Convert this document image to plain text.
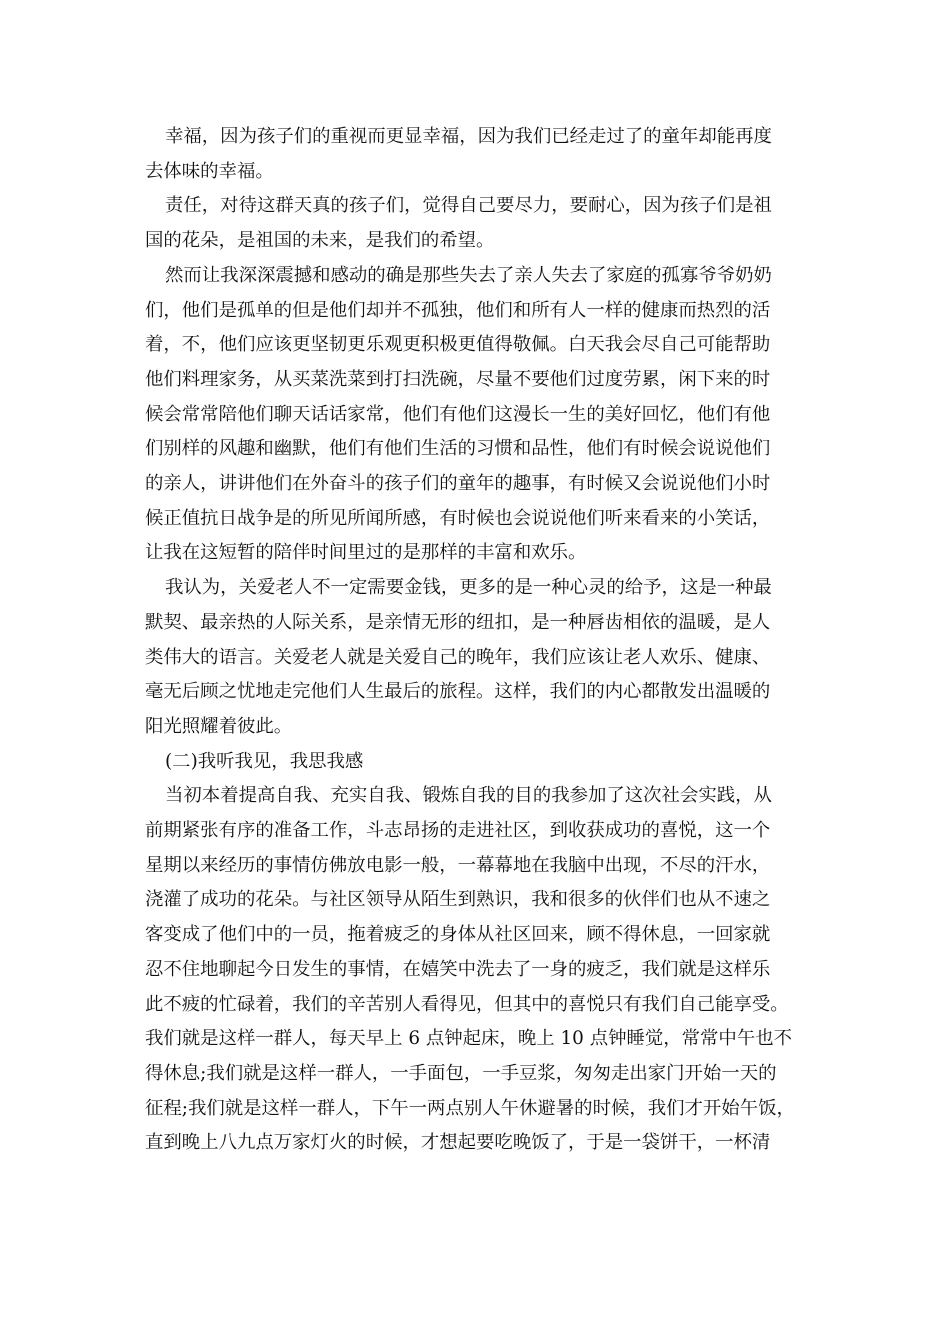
幸福，因为孩子们的重视而更显幸福，因为我们已经走过了的童年却能再度
去体味的幸福。
责任，对待这群天真的孩子们，觉得自己要尽力，要耐心，因为孩子们是祖
国的花朵，是祖国的未来，是我们的希望。
然而让我深深震撼和感动的确是那些失去了亲人失去了家庭的孤寡爷爷奶奶
们，他们是孤单的但是他们却并不孤独，他们和所有人一样的健康而热烈的活
着，不，他们应该更坚韧更乐观更积极更值得敬佩。白天我会尽自己可能帮助
他们料理家务，从买菜洗菜到打扫洗碗，尽量不要他们过度劳累，闲下来的时
候会常常陪他们聊天话话家常，他们有他们这漫长一生的美好回忆，他们有他
们别样的风趣和幽默，他们有他们生活的习惯和品性，他们有时候会说说他们
的亲人，讲讲他们在外奋斗的孩子们的童年的趣事，有时候又会说说他们小时
候正值抗日战争是的所见所闻所感，有时候也会说说他们听来看来的小笑话，
让我在这短暂的陪伴时间里过的是那样的丰富和欢乐。
我认为，关爱老人不一定需要金钱，更多的是一种心灵的给予，这是一种最
默契、最亲热的人际关系，是亲情无形的纽扣，是一种唇齿相依的温暖，是人
类伟大的语言。关爱老人就是关爱自己的晚年，我们应该让老人欢乐、健康、
毫无后顾之忧地走完他们人生最后的旅程。这样，我们的内心都散发出温暖的
阳光照耀着彼此。
(二)我听我见，我思我感
当初本着提高自我、充实自我、锻炼自我的目的我参加了这次社会实践，从
前期紧张有序的准备工作，斗志昂扬的走进社区，到收获成功的喜悦，这一个
星期以来经历的事情仿佛放电影一般，一幕幕地在我脑中出现，不尽的汗水，
浇灌了成功的花朵。与社区领导从陌生到熟识，我和很多的伙伴们也从不速之
客变成了他们中的一员，拖着疲乏的身体从社区回来，顾不得休息，一回家就
忍不住地聊起今日发生的事情，在嬉笑中洗去了一身的疲乏，我们就是这样乐
此不疲的忙碌着，我们的辛苦别人看得见，但其中的喜悦只有我们自己能享受。
我们就是这样一群人，每天早上 6 点钟起床，晚上 10 点钟睡觉，常常中午也不
得休息;我们就是这样一群人，一手面包，一手豆浆，匆匆走出家门开始一天的
征程;我们就是这样一群人，下午一两点别人午休避暑的时候，我们才开始午饭，
直到晚上八九点万家灯火的时候，才想起要吃晚饭了，于是一袋饼干，一杯清
